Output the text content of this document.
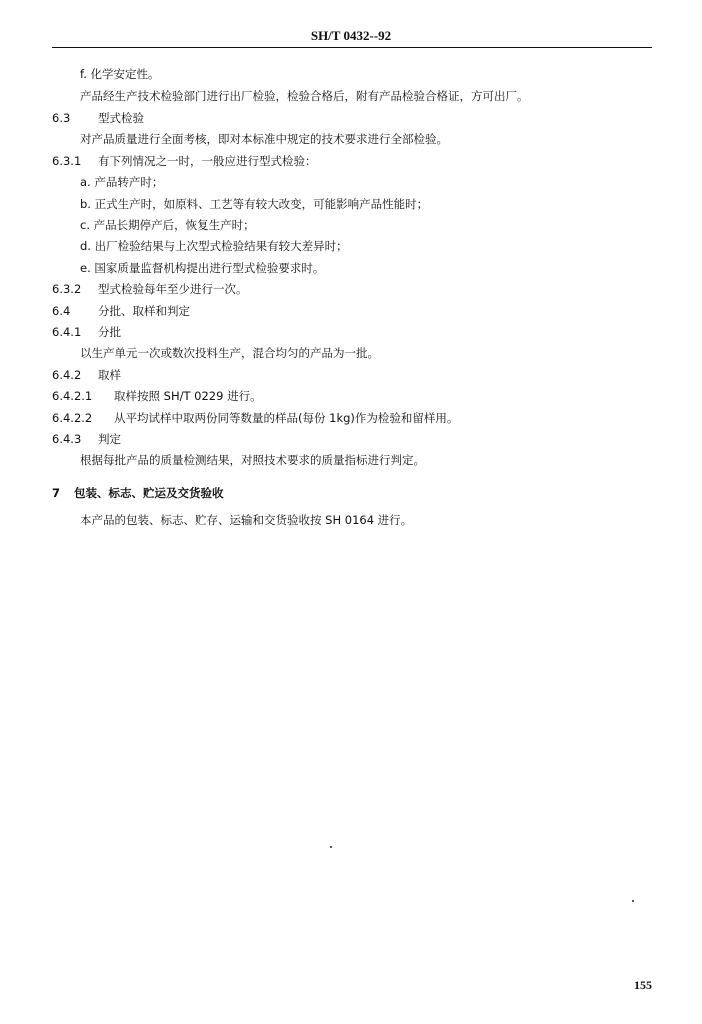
SH/T 0432--92
f. 化学安定性。
产品经生产技术检验部门进行出厂检验，检验合格后，附有产品检验合格证，方可出厂。
6.3 型式检验
对产品质量进行全面考核，即对本标准中规定的技术要求进行全部检验。
6.3.1 有下列情况之一时，一般应进行型式检验：
a. 产品转产时；
b. 正式生产时，如原料、工艺等有较大改变，可能影响产品性能时；
c. 产品长期停产后，恢复生产时；
d. 出厂检验结果与上次型式检验结果有较大差异时；
e. 国家质量监督机构提出进行型式检验要求时。
6.3.2 型式检验每年至少进行一次。
6.4 分批、取样和判定
6.4.1 分批
以生产单元一次或数次投料生产，混合均匀的产品为一批。
6.4.2 取样
6.4.2.1 取样按照 SH/T 0229 进行。
6.4.2.2 从平均试样中取两份同等数量的样品(每份 1kg)作为检验和留样用。
6.4.3 判定
根据每批产品的质量检测结果，对照技术要求的质量指标进行判定。
7 包装、标志、贮运及交货验收
本产品的包装、标志、贮存、运输和交货验收按 SH 0164 进行。
155
